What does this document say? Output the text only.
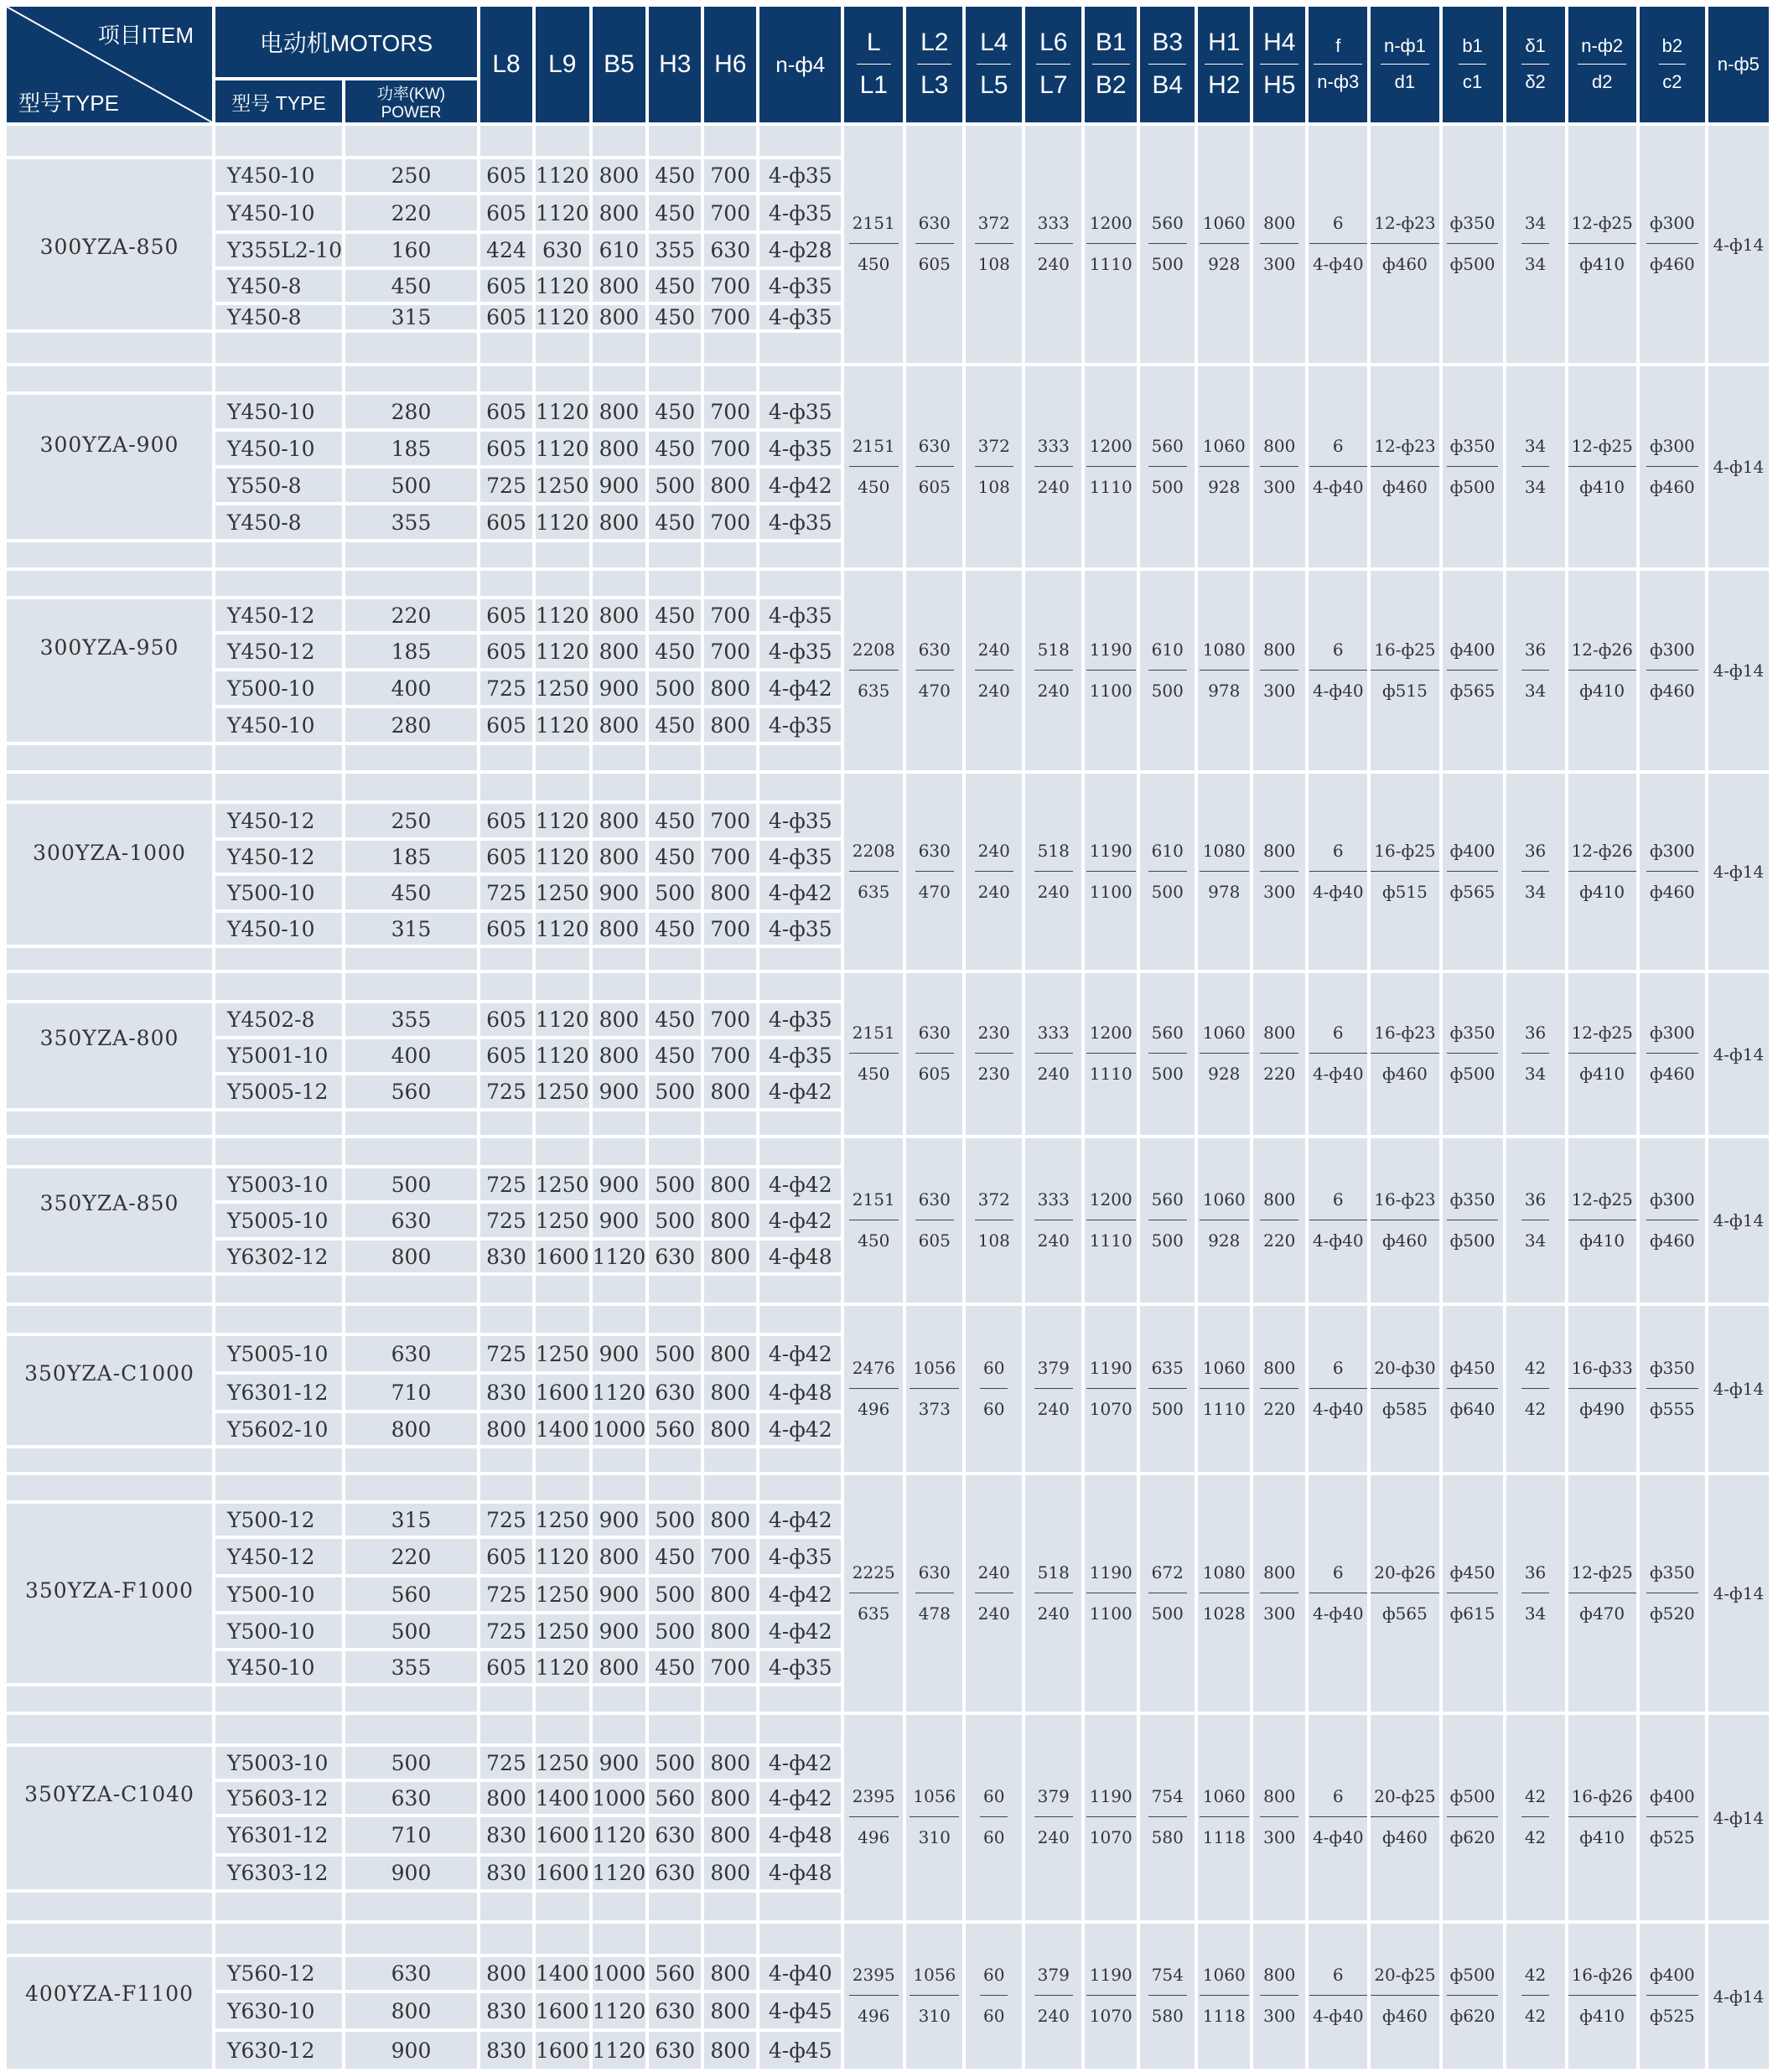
项目ITEM
型号TYPE	电动机MOTORS		L8	L9	B5	H3	H6	n-ф4	$\frac{L}{L1}$	$\frac{L2}{L3}$	$\frac{L4}{L5}$	$\frac{L6}{L7}$	$\frac{B1}{B2}$	$\frac{B3}{B4}$	$\frac{H1}{H2}$	$\frac{H4}{H5}$	$\frac{f}{n-ф3}$	$\frac{n-ф1}{d1}$	$\frac{b1}{c1}$	$\frac{\delta 1}{\delta 2}$	$\frac{n-ф2}{d2}$	$\frac{b2}{c2}$	n-ф5
	型号 TYPE	功率(KW) POWER																					

									$\frac{2151}{450}$	$\frac{630}{605}$	$\frac{372}{108}$	$\frac{333}{240}$	$\frac{1200}{1110}$	$\frac{560}{500}$	$\frac{1060}{928}$	$\frac{800}{300}$	$\frac{6}{4-ф40}$	$\frac{12-ф23}{ф460}$	$\frac{ф350}{ф500}$	$\frac{34}{34}$	$\frac{12-ф25}{ф410}$	$\frac{ф300}{ф460}$	4-ф14
300YZA-850	Y450-10	250	605	1120	800	450	700	4-ф35															
	Y450-10	220	605	1120	800	450	700	4-ф35															
	Y355L2-10	160	424	630	610	355	630	4-ф28															
	Y450-8	450	605	1120	800	450	700	4-ф35															
	Y450-8	315	605	1120	800	450	700	4-ф35															

									$\frac{2151}{450}$	$\frac{630}{605}$	$\frac{372}{108}$	$\frac{333}{240}$	$\frac{1200}{1110}$	$\frac{560}{500}$	$\frac{1060}{928}$	$\frac{800}{300}$	$\frac{6}{4-ф40}$	$\frac{12-ф23}{ф460}$	$\frac{ф350}{ф500}$	$\frac{34}{34}$	$\frac{12-ф25}{ф410}$	$\frac{ф300}{ф460}$	4-ф14
300YZA-900	Y450-10	280	605	1120	800	450	700	4-ф35															
	Y450-10	185	605	1120	800	450	700	4-ф35															
	Y550-8	500	725	1250	900	500	800	4-ф42															
	Y450-8	355	605	1120	800	450	700	4-ф35															

									$\frac{2208}{635}$	$\frac{630}{470}$	$\frac{240}{240}$	$\frac{518}{240}$	$\frac{1190}{1100}$	$\frac{610}{500}$	$\frac{1080}{978}$	$\frac{800}{300}$	$\frac{6}{4-ф40}$	$\frac{16-ф25}{ф515}$	$\frac{ф400}{ф565}$	$\frac{36}{34}$	$\frac{12-ф26}{ф410}$	$\frac{ф300}{ф460}$	4-ф14
300YZA-950	Y450-12	220	605	1120	800	450	700	4-ф35															
	Y450-12	185	605	1120	800	450	700	4-ф35															
	Y500-10	400	725	1250	900	500	800	4-ф42															
	Y450-10	280	605	1120	800	450	800	4-ф35															

									$\frac{2208}{635}$	$\frac{630}{470}$	$\frac{240}{240}$	$\frac{518}{240}$	$\frac{1190}{1100}$	$\frac{610}{500}$	$\frac{1080}{978}$	$\frac{800}{300}$	$\frac{6}{4-ф40}$	$\frac{16-ф25}{ф515}$	$\frac{ф400}{ф565}$	$\frac{36}{34}$	$\frac{12-ф26}{ф410}$	$\frac{ф300}{ф460}$	4-ф14
300YZA-1000	Y450-12	250	605	1120	800	450	700	4-ф35															
	Y450-12	185	605	1120	800	450	700	4-ф35															
	Y500-10	450	725	1250	900	500	800	4-ф42															
	Y450-10	315	605	1120	800	450	700	4-ф35															

									$\frac{2151}{450}$	$\frac{630}{605}$	$\frac{230}{230}$	$\frac{333}{240}$	$\frac{1200}{1110}$	$\frac{560}{500}$	$\frac{1060}{928}$	$\frac{800}{220}$	$\frac{6}{4-ф40}$	$\frac{16-ф23}{ф460}$	$\frac{ф350}{ф500}$	$\frac{36}{34}$	$\frac{12-ф25}{ф410}$	$\frac{ф300}{ф460}$	4-ф14
350YZA-800	Y4502-8	355	605	1120	800	450	700	4-ф35															
	Y5001-10	400	605	1120	800	450	700	4-ф35															
	Y5005-12	560	725	1250	900	500	800	4-ф42															

									$\frac{2151}{450}$	$\frac{630}{605}$	$\frac{372}{108}$	$\frac{333}{240}$	$\frac{1200}{1110}$	$\frac{560}{500}$	$\frac{1060}{928}$	$\frac{800}{220}$	$\frac{6}{4-ф40}$	$\frac{16-ф23}{ф460}$	$\frac{ф350}{ф500}$	$\frac{36}{34}$	$\frac{12-ф25}{ф410}$	$\frac{ф300}{ф460}$	4-ф14
350YZA-850	Y5003-10	500	725	1250	900	500	800	4-ф42															
	Y5005-10	630	725	1250	900	500	800	4-ф42															
	Y6302-12	800	830	1600	1120	630	800	4-ф48															

									$\frac{2476}{496}$	$\frac{1056}{373}$	$\frac{60}{60}$	$\frac{379}{240}$	$\frac{1190}{1070}$	$\frac{635}{500}$	$\frac{1060}{1110}$	$\frac{800}{220}$	$\frac{6}{4-ф40}$	$\frac{20-ф30}{ф585}$	$\frac{ф450}{ф640}$	$\frac{42}{42}$	$\frac{16-ф33}{ф490}$	$\frac{ф350}{ф555}$	4-ф14
350YZA-C1000	Y5005-10	630	725	1250	900	500	800	4-ф42															
	Y6301-12	710	830	1600	1120	630	800	4-ф48															
	Y5602-10	800	800	1400	1000	560	800	4-ф42															

									$\frac{2225}{635}$	$\frac{630}{478}$	$\frac{240}{240}$	$\frac{518}{240}$	$\frac{1190}{1100}$	$\frac{672}{500}$	$\frac{1080}{1028}$	$\frac{800}{300}$	$\frac{6}{4-ф40}$	$\frac{20-ф26}{ф565}$	$\frac{ф450}{ф615}$	$\frac{36}{34}$	$\frac{12-ф25}{ф470}$	$\frac{ф350}{ф520}$	4-ф14
350YZA-F1000	Y500-12	315	725	1250	900	500	800	4-ф42															
	Y450-12	220	605	1120	800	450	700	4-ф35															
	Y500-10	560	725	1250	900	500	800	4-ф42															
	Y500-10	500	725	1250	900	500	800	4-ф42															
	Y450-10	355	605	1120	800	450	700	4-ф35															

									$\frac{2395}{496}$	$\frac{1056}{310}$	$\frac{60}{60}$	$\frac{379}{240}$	$\frac{1190}{1070}$	$\frac{754}{580}$	$\frac{1060}{1118}$	$\frac{800}{300}$	$\frac{6}{4-ф40}$	$\frac{20-ф25}{ф460}$	$\frac{ф500}{ф620}$	$\frac{42}{42}$	$\frac{16-ф26}{ф410}$	$\frac{ф400}{ф525}$	4-ф14
350YZA-C1040	Y5003-10	500	725	1250	900	500	800	4-ф42															
	Y5603-12	630	800	1400	1000	560	800	4-ф42															
	Y6301-12	710	830	1600	1120	630	800	4-ф48															
	Y6303-12	900	830	1600	1120	630	800	4-ф48															

									$\frac{2395}{496}$	$\frac{1056}{310}$	$\frac{60}{60}$	$\frac{379}{240}$	$\frac{1190}{1070}$	$\frac{754}{580}$	$\frac{1060}{1118}$	$\frac{800}{300}$	$\frac{6}{4-ф40}$	$\frac{20-ф25}{ф460}$	$\frac{ф500}{ф620}$	$\frac{42}{42}$	$\frac{16-ф26}{ф410}$	$\frac{ф400}{ф525}$	4-ф14
400YZA-F1100	Y560-12	630	800	1400	1000	560	800	4-ф40															
	Y630-10	800	830	1600	1120	630	800	4-ф45															
	Y630-12	900	830	1600	1120	630	800	4-ф45															
